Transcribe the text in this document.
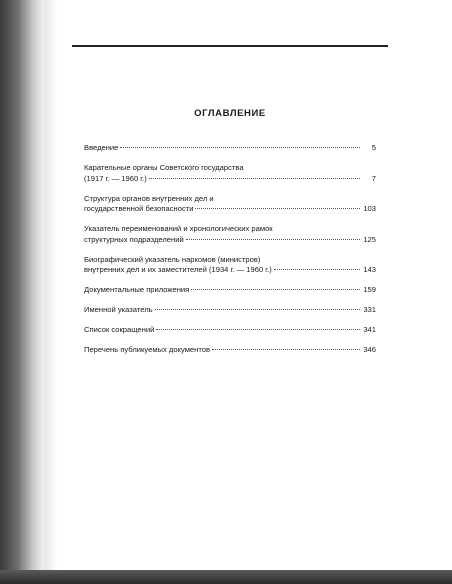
ОГЛАВЛЕНИЕ
Введение	5
Карательные органы Советского государства
(1917 г. — 1960 г.)	7
Структура органов внутренних дел и
государственной безопасности	103
Указатель переименований и хронологических рамок
структурных подразделений	125
Биографический указатель наркомов (министров)
внутренних дел и их заместителей (1934 г. — 1960 г.)	143
Документальные приложения	159
Именной указатель	331
Список сокращений	341
Перечень публикуемых документов	346
